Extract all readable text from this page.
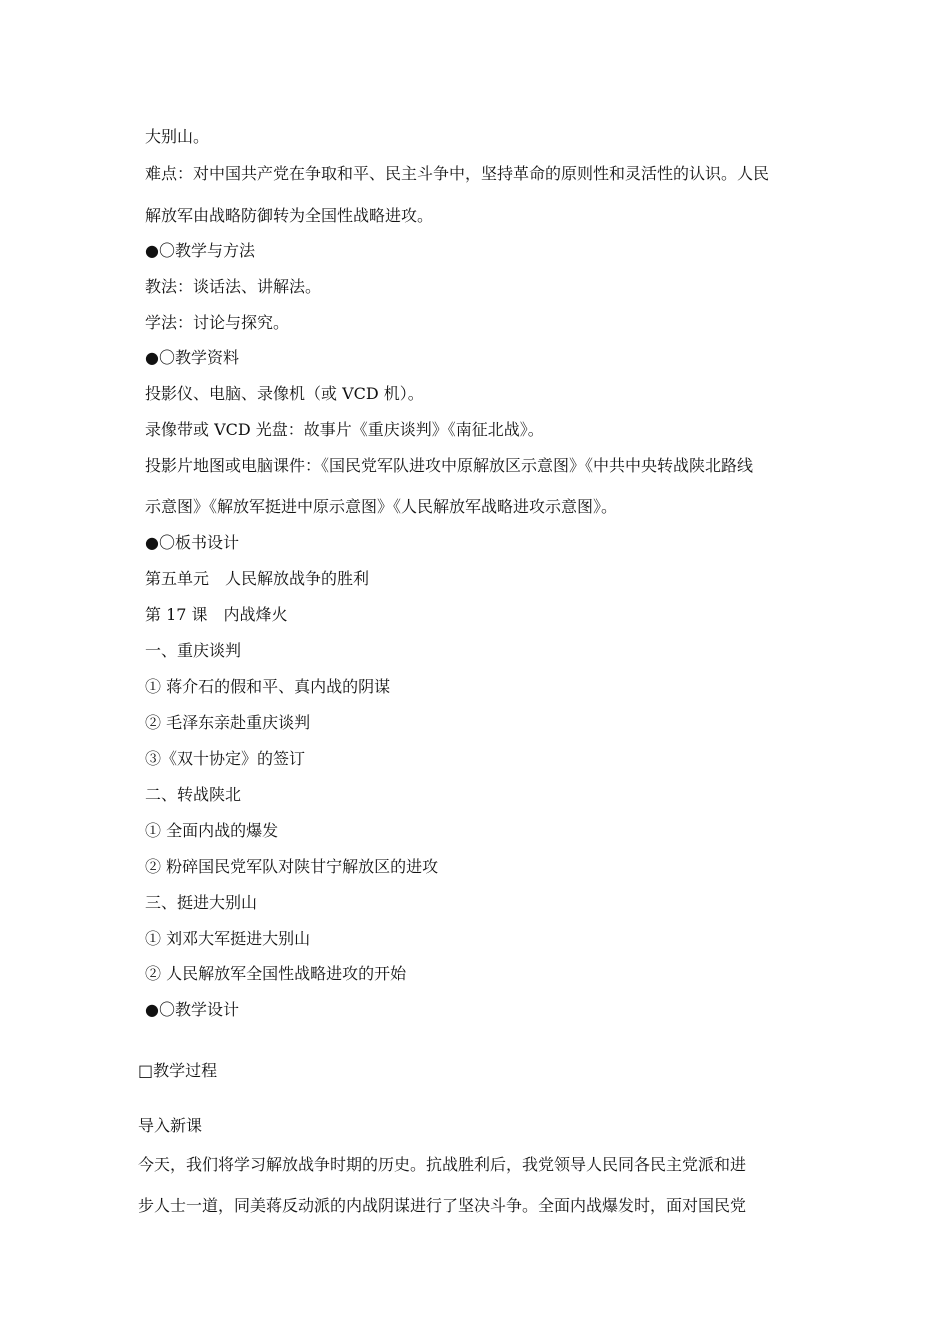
大别山。

难点：对中国共产党在争取和平、民主斗争中，坚持革命的原则性和灵活性的认识。人民

解放军由战略防御转为全国性战略进攻。

●〇教学与方法

教法：谈话法、讲解法。

学法：讨论与探究。

●〇教学资料

投影仪、电脑、录像机（或 VCD 机）。

录像带或 VCD 光盘：故事片《重庆谈判》《南征北战》。

投影片地图或电脑课件：《国民党军队进攻中原解放区示意图》《中共中央转战陕北路线

示意图》《解放军挺进中原示意图》《人民解放军战略进攻示意图》。

●〇板书设计

第五单元　人民解放战争的胜利

第 17 课　内战烽火

一、重庆谈判

① 蒋介石的假和平、真内战的阴谋

② 毛泽东亲赴重庆谈判

③《双十协定》的签订

二、转战陕北

① 全面内战的爆发

② 粉碎国民党军队对陕甘宁解放区的进攻

三、挺进大别山

① 刘邓大军挺进大别山

② 人民解放军全国性战略进攻的开始

●〇教学设计

□教学过程

导入新课

今天，我们将学习解放战争时期的历史。抗战胜利后，我党领导人民同各民主党派和进

步人士一道，同美蒋反动派的内战阴谋进行了坚决斗争。全面内战爆发时，面对国民党
